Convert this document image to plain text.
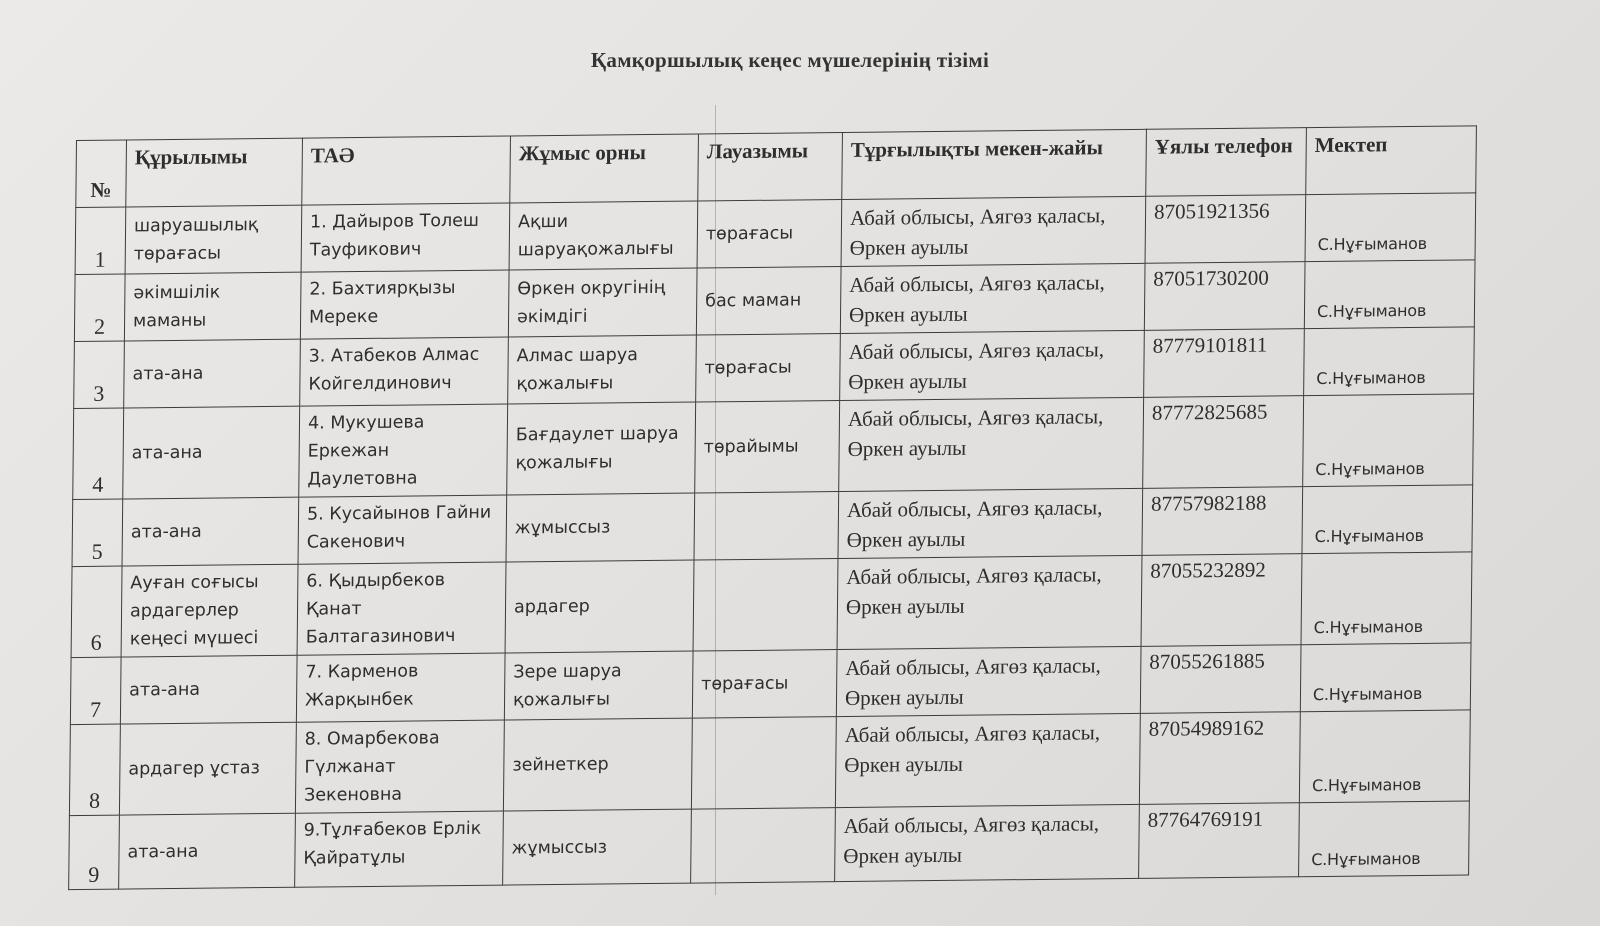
Қамқоршылық кеңес мүшелерінің тізімі
№	Құрылымы	ТАӘ	Жұмыс орны	Лауазымы	Тұрғылықты мекен-жайы	Ұялы телефон	Мектеп
1	шаруашылық төрағасы	1. Дайыров Толеш Тауфикович	Ақши шаруақожалығы	төрағасы	Абай облысы, Аягөз қаласы, Өркен ауылы	87051921356	С.Нұғыманов
2	әкімшілік маманы	2. Бахтиярқызы Мереке	Өркен округінің әкімдігі	бас маман	Абай облысы, Аягөз қаласы, Өркен ауылы	87051730200	С.Нұғыманов
3	ата-ана	3. Атабеков Алмас Койгелдинович	Алмас шаруа қожалығы	төрағасы	Абай облысы, Аягөз қаласы, Өркен ауылы	87779101811	С.Нұғыманов
4	ата-ана	4. Мукушева Еркежан Даулетовна	Бағдаулет шаруа қожалығы	төрайымы	Абай облысы, Аягөз қаласы, Өркен ауылы	87772825685	С.Нұғыманов
5	ата-ана	5. Кусайынов Гайни Сакенович	жұмыссыз		Абай облысы, Аягөз қаласы, Өркен ауылы	87757982188	С.Нұғыманов
6	Ауған соғысы ардагерлер кеңесі мүшесі	6. Қыдырбеков Қанат Балтагазинович	ардагер		Абай облысы, Аягөз қаласы, Өркен ауылы	87055232892	С.Нұғыманов
7	ата-ана	7. Карменов Жарқынбек	Зере шаруа қожалығы	төрағасы	Абай облысы, Аягөз қаласы, Өркен ауылы	87055261885	С.Нұғыманов
8	ардагер ұстаз	8. Омарбекова Гүлжанат Зекеновна	зейнеткер		Абай облысы, Аягөз қаласы, Өркен ауылы	87054989162	С.Нұғыманов
9	ата-ана	9.Тұлғабеков Ерлік Қайратұлы	жұмыссыз		Абай облысы, Аягөз қаласы, Өркен ауылы	87764769191	С.Нұғыманов
